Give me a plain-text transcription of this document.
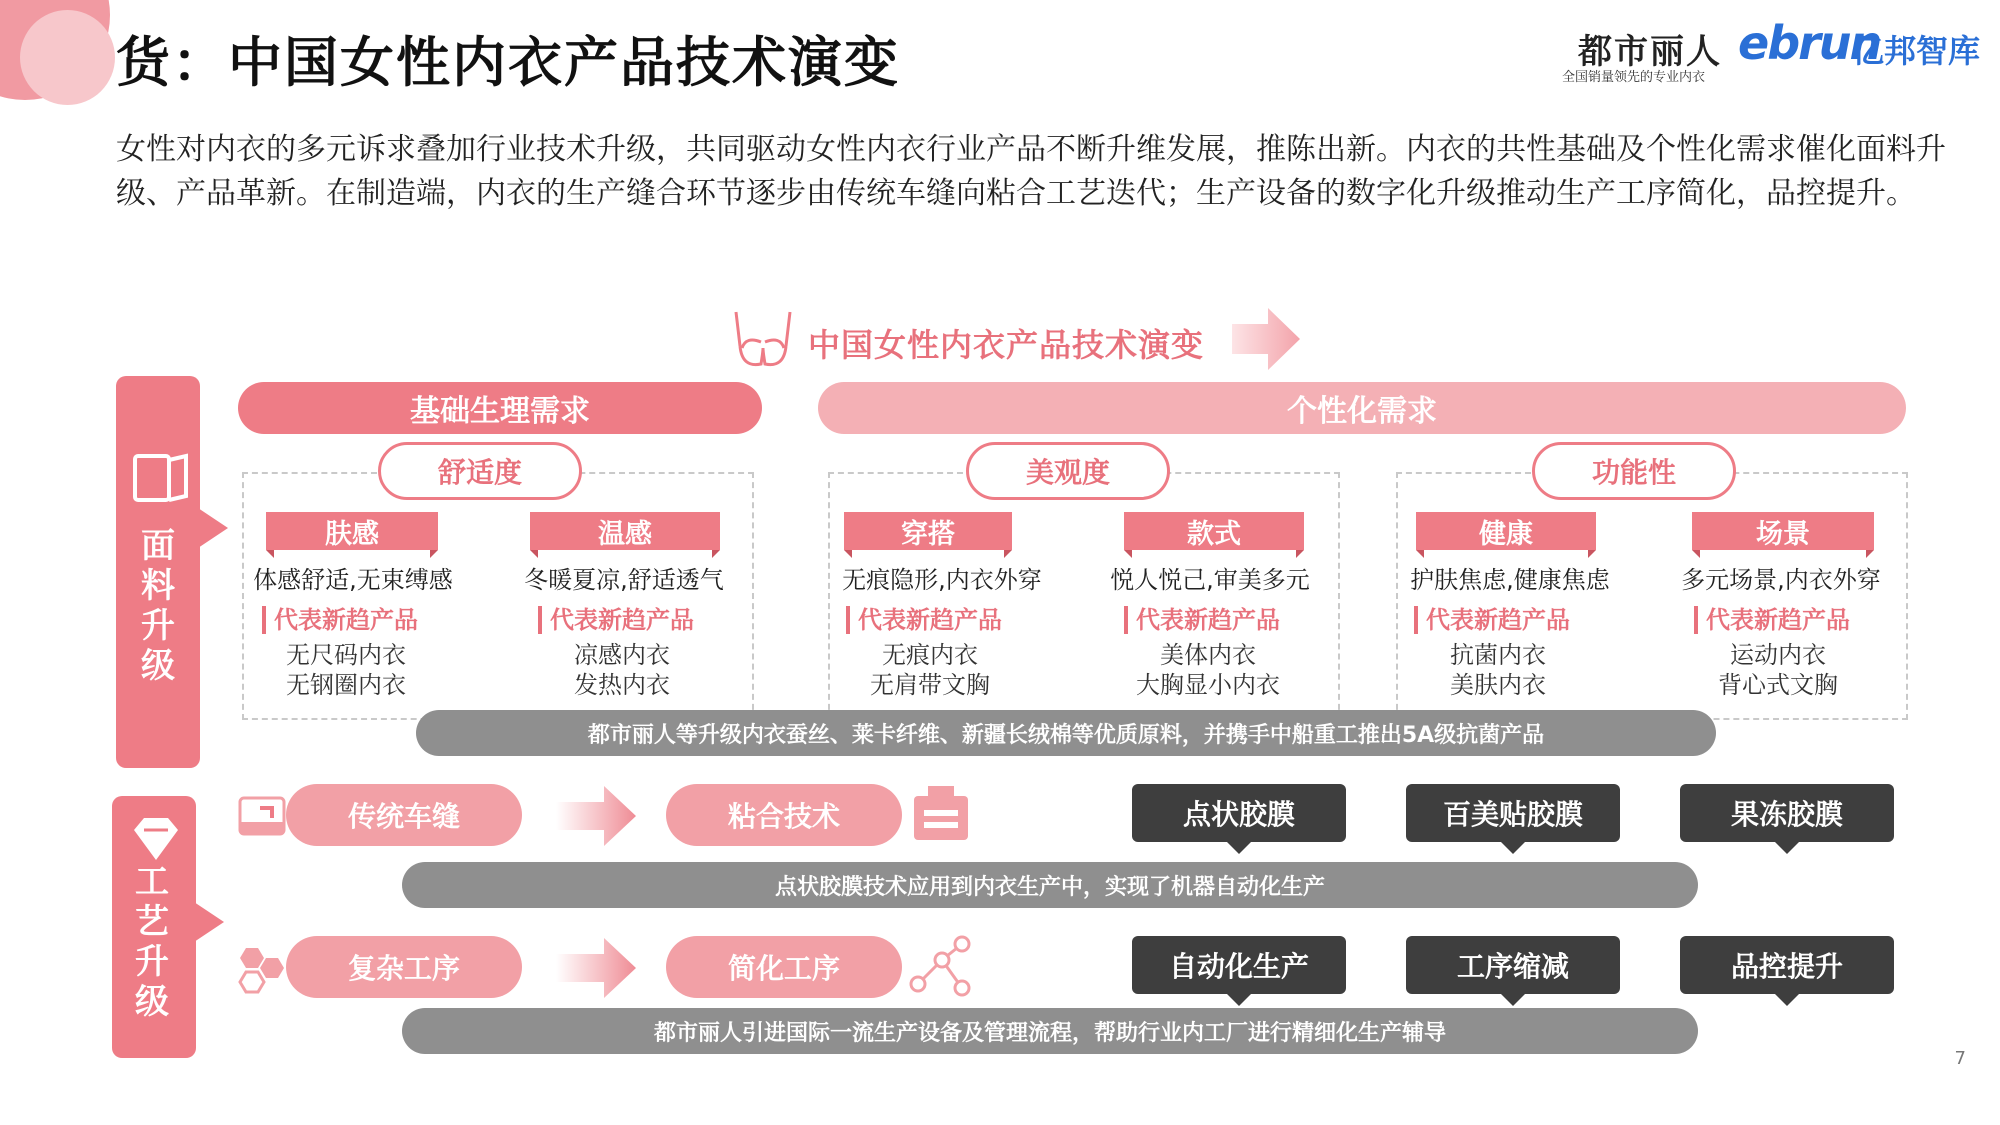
货：中国女性内衣产品技术演变	都市丽人
全国销量领先的专业内衣
ebrun
亿邦智库
女性对内衣的多元诉求叠加行业技术升级，共同驱动女性内衣行业产品不断升维发展，推陈出新。内衣的共性基础及个性化需求催化面料升级、产品革新。在制造端，内衣的生产缝合环节逐步由传统车缝向粘合工艺迭代；生产设备的数字化升级推动生产工序简化，品控提升。
中国女性内衣产品技术演变
面料升级
工艺升级
基础生理需求	个性化需求
舒适度
肤感	温感
体感舒适,无束缚感	冬暖夏凉,舒适透气
代表新趋产品	代表新趋产品
无尺码内衣
无钢圈内衣
凉感内衣
发热内衣
美观度
穿搭	款式
无痕隐形,内衣外穿	悦人悦己,审美多元
代表新趋产品	代表新趋产品
无痕内衣
无肩带文胸
美体内衣
大胸显小内衣
功能性
健康	场景
护肤焦虑,健康焦虑	多元场景,内衣外穿
代表新趋产品	代表新趋产品
抗菌内衣
美肤内衣
运动内衣
背心式文胸
都市丽人等升级内衣蚕丝、莱卡纤维、新疆长绒棉等优质原料，并携手中船重工推出5A级抗菌产品
传统车缝	粘合技术	点状胶膜	百美贴胶膜	果冻胶膜
点状胶膜技术应用到内衣生产中，实现了机器自动化生产
复杂工序	简化工序	自动化生产	工序缩减	品控提升
都市丽人引进国际一流生产设备及管理流程，帮助行业内工厂进行精细化生产辅导
7
